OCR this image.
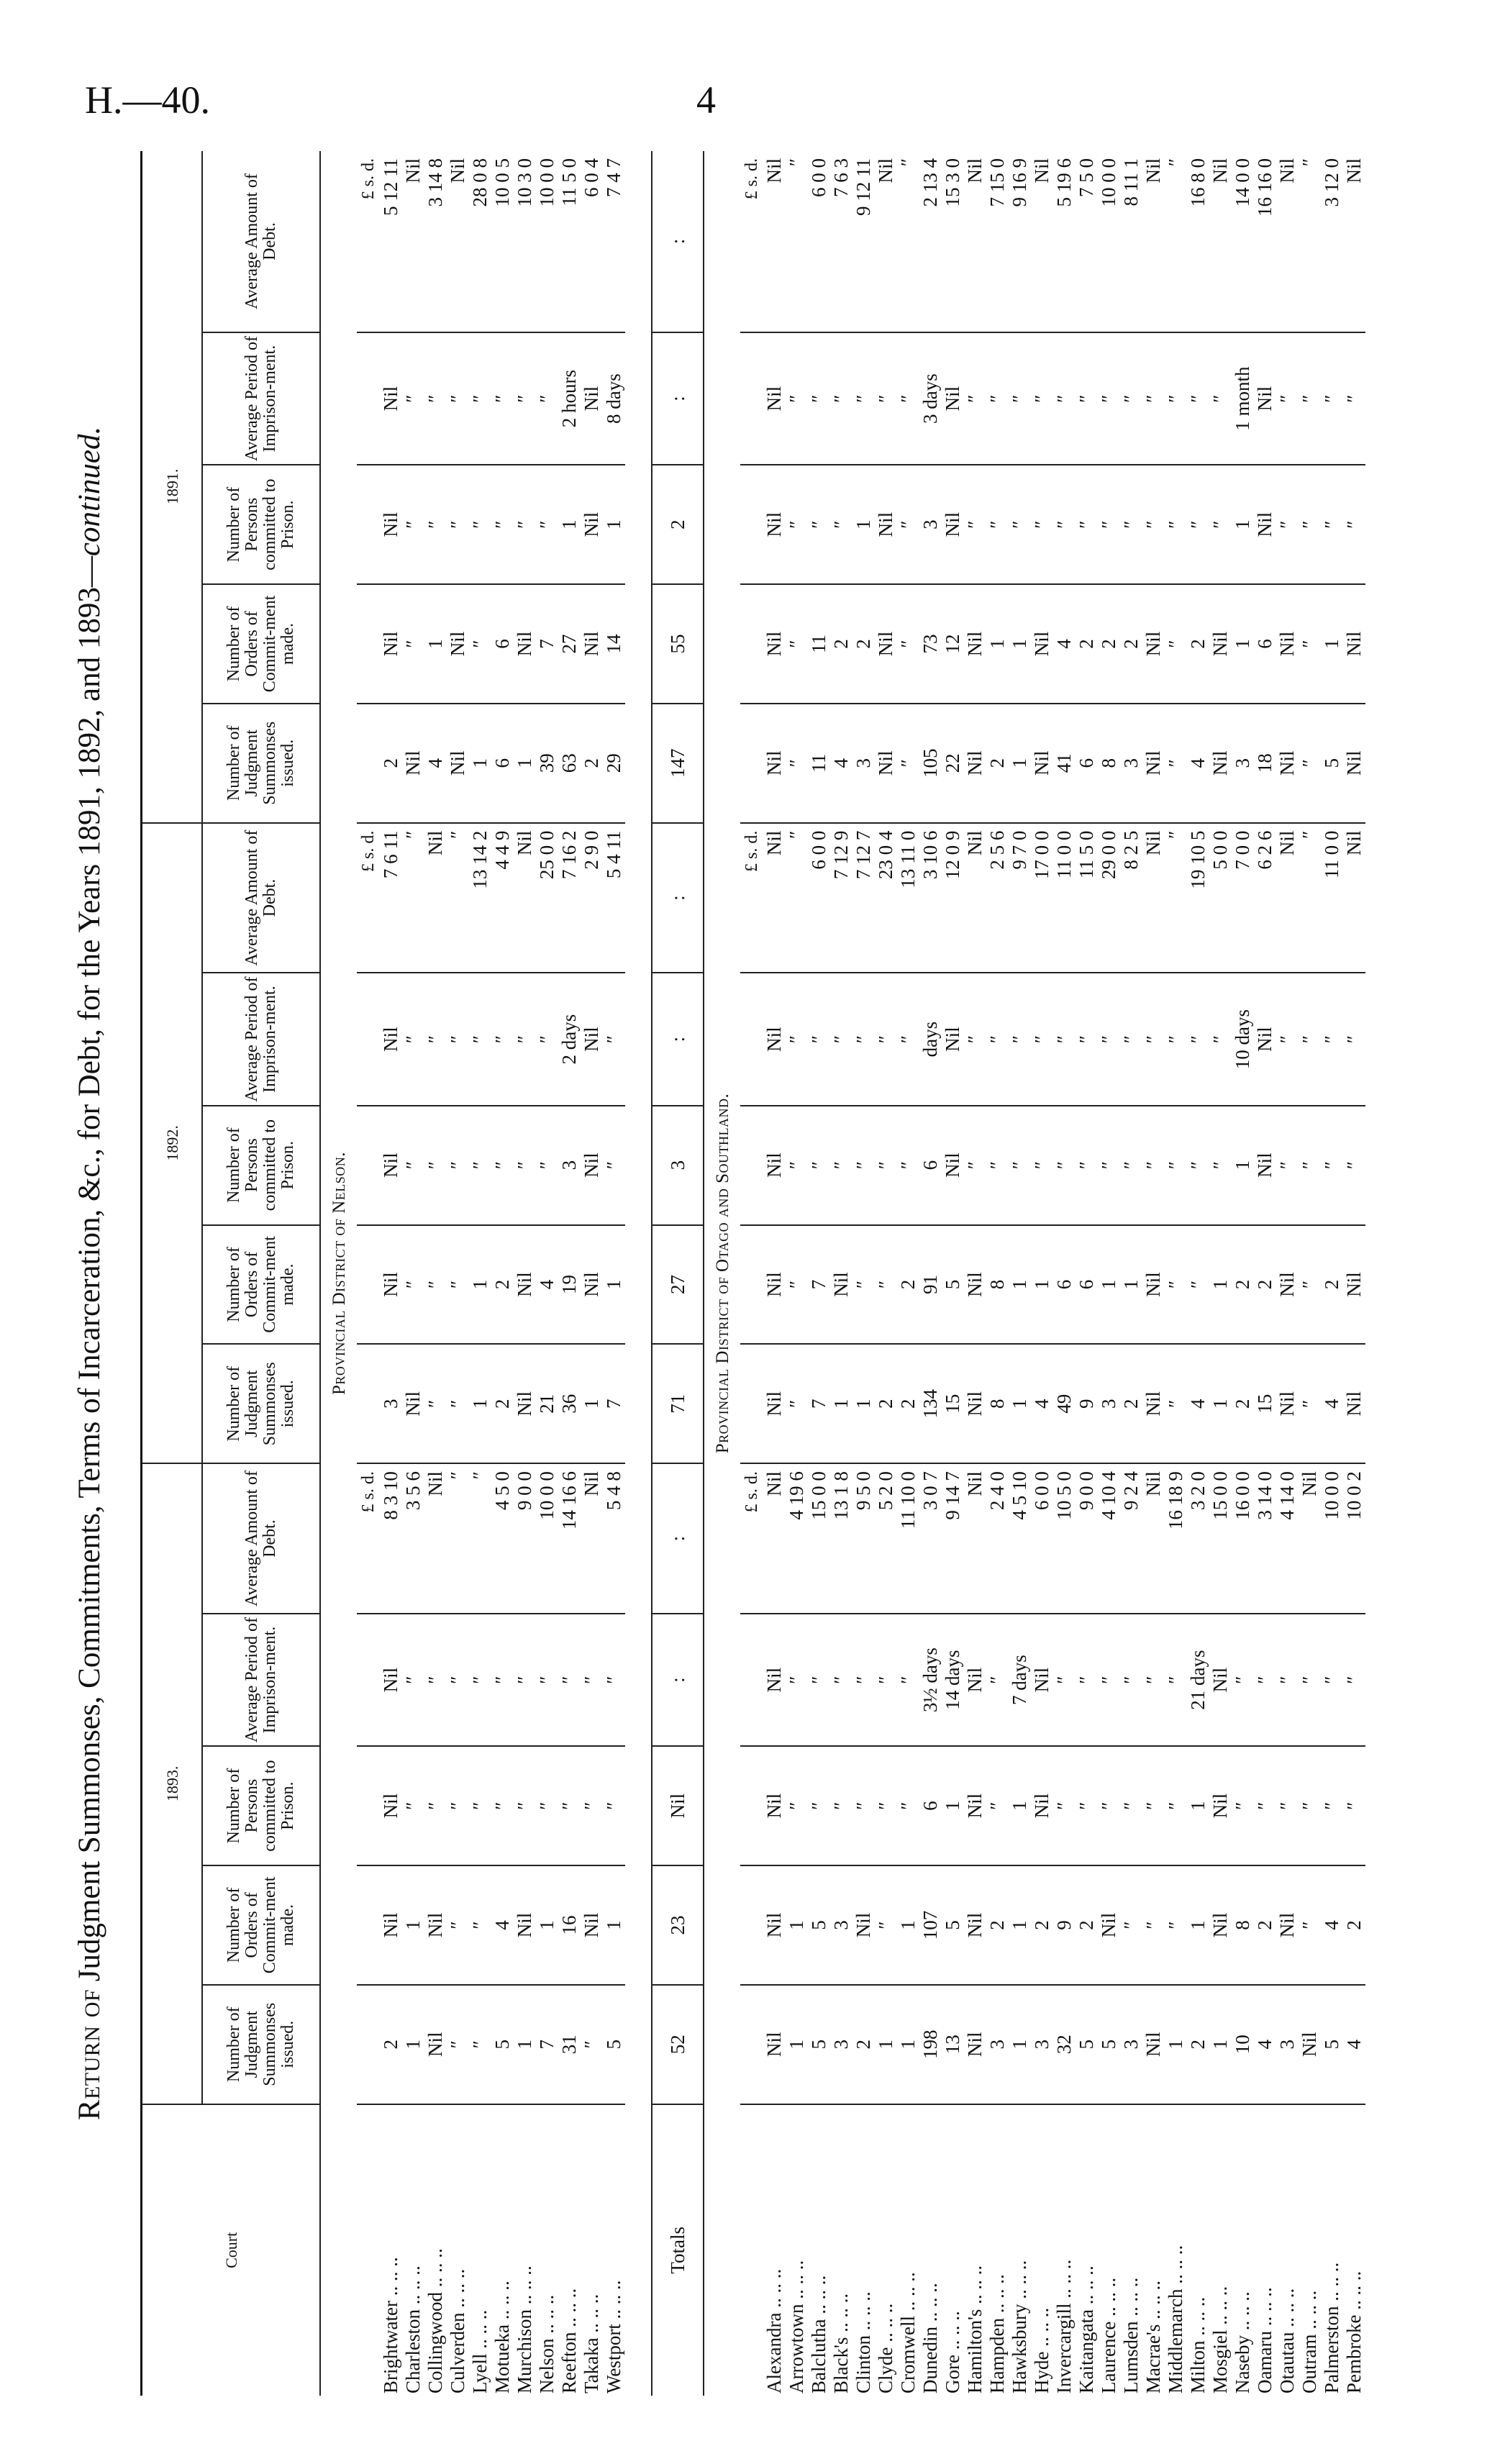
H.—40.	4
Return of Judgment Summonses, Commitments, Terms of Incarceration, &c., for Debt, for the Years 1891, 1892, and 1893—continued.
Court	1893.					1892.					1891.				
	Number of Judgment Summonses issued.	Number of Orders of Commit-ment made.	Number of Persons committed to Prison.	Average Period of Imprison-ment.	Average Amount of Debt.	Number of Judgment Summonses issued.	Number of Orders of Commit-ment made.	Number of Persons committed to Prison.	Average Period of Imprison-ment.	Average Amount of Debt.	Number of Judgment Summonses issued.	Number of Orders of Commit-ment made.	Number of Persons committed to Prison.	Average Period of Imprison-ment.	Average Amount of Debt.
Provincial District of Nelson.															
					£ s. d.					£ s. d.					£ s. d.
Brightwater .. .. ..	2	Nil	Nil	Nil	8 3 10	3	Nil	Nil	Nil	7 6 11	2	Nil	Nil	Nil	5 12 11
Charleston .. .. ..	1	1	″	″	3 5 6	Nil	″	″	″	″	Nil	″	″	″	Nil
Collingwood .. .. ..	Nil	Nil	″	″	Nil	″	″	″	″	Nil	4	1	″	″	3 14 8
Culverden .. .. ..	″	″	″	″	″	″	″	″	″	″	Nil	Nil	″	″	Nil
Lyell .. .. ..	″	″	″	″	″	1	1	″	″	13 14 2	1	″	″	″	28 0 8
Motueka .. .. ..	5	4	″	″	4 5 0	2	2	″	″	4 4 9	6	6	″	″	10 0 5
Murchison .. .. ..	1	Nil	″	″	9 0 0	Nil	Nil	″	″	Nil	1	Nil	″	″	10 3 0
Nelson .. .. ..	7	1	″	″	10 0 0	21	4	″	″	25 0 0	39	7	″	″	10 0 0
Reefton .. .. ..	31	16	″	″	14 16 6	36	19	3	2 days	7 16 2	63	27	1	2 hours	11 5 0
Takaka .. .. ..	″	Nil	″	″	Nil	1	Nil	Nil	Nil	2 9 0	2	Nil	Nil	Nil	6 0 4
Westport .. .. ..	5	1	″	″	5 4 8	7	1	″	″	5 4 11	29	14	1	8 days	7 4 7

Totals	52	23	Nil	:	:	71	27	3	:	:	147	55	2	:	:
Provincial District of Otago and Southland.															
					£ s. d.					£ s. d.					£ s. d.
Alexandra .. .. ..	Nil	Nil	Nil	Nil	Nil	Nil	Nil	Nil	Nil	Nil	Nil	Nil	Nil	Nil	Nil
Arrowtown .. .. ..	1	1	″	″	4 19 6	″	″	″	″	″	″	″	″	″	″
Balclutha .. .. ..	5	5	″	″	15 0 0	7	7	″	″	6 0 0	11	11	″	″	6 0 0
Black's .. .. ..	3	3	″	″	13 1 8	1	Nil	″	″	7 12 9	4	2	″	″	7 6 3
Clinton .. .. ..	2	Nil	″	″	9 5 0	1	″	″	″	7 12 7	3	2	1	″	9 12 11
Clyde .. .. ..	1	″	″	″	5 2 0	2	″	″	″	23 0 4	Nil	Nil	Nil	″	Nil
Cromwell .. .. ..	1	1	″	″	11 10 0	2	2	″	″	13 11 0	″	″	″	″	″
Dunedin .. .. ..	198	107	6	3½ days	3 0 7	134	91	6	days	3 10 6	105	73	3	3 days	2 13 4
Gore .. .. ..	13	5	1	14 days	9 14 7	15	5	Nil	Nil	12 0 9	22	12	Nil	Nil	15 3 0
Hamilton's .. .. ..	Nil	Nil	Nil	Nil	Nil	Nil	Nil	″	″	Nil	Nil	Nil	″	″	Nil
Hampden .. .. ..	3	2	″	″	2 4 0	8	8	″	″	2 5 6	2	1	″	″	7 15 0
Hawksbury .. .. ..	1	1	1	7 days	4 5 10	1	1	″	″	9 7 0	1	1	″	″	9 16 9
Hyde .. .. ..	3	2	Nil	Nil	6 0 0	4	1	″	″	17 0 0	Nil	Nil	″	″	Nil
Invercargill .. .. ..	32	9	″	″	10 5 0	49	6	″	″	11 0 0	41	4	″	″	5 19 6
Kaitangata .. .. ..	5	2	″	″	9 0 0	9	6	″	″	11 5 0	6	2	″	″	7 5 0
Laurence .. .. ..	5	Nil	″	″	4 10 4	3	1	″	″	29 0 0	8	2	″	″	10 0 0
Lumsden .. .. ..	3	″	″	″	9 2 4	2	1	″	″	8 2 5	3	2	″	″	8 11 1
Macrae's .. .. ..	Nil	″	″	″	Nil	Nil	Nil	″	″	Nil	Nil	Nil	″	″	Nil
Middlemarch .. .. ..	1	″	″	″	16 18 9	″	″	″	″	″	″	″	″	″	″
Milton .. .. ..	2	1	1	21 days	3 2 0	4	″	″	″	19 10 5	4	2	″	″	16 8 0
Mosgiel .. .. ..	1	Nil	Nil	Nil	15 0 0	1	1	″	″	5 0 0	Nil	Nil	″	″	Nil
Naseby .. .. ..	10	8	″	″	16 0 0	2	2	1	10 days	7 0 0	3	1	1	1 month	14 0 0
Oamaru .. .. ..	4	2	″	″	3 14 0	15	2	Nil	Nil	6 2 6	18	6	Nil	Nil	16 16 0
Otautau .. .. ..	3	Nil	″	″	4 14 0	Nil	Nil	″	″	Nil	Nil	Nil	″	″	Nil
Outram .. .. ..	Nil	″	″	″	Nil	″	″	″	″	″	″	″	″	″	″
Palmerston .. .. ..	5	4	″	″	10 0 0	4	2	″	″	11 0 0	5	1	″	″	3 12 0
Pembroke .. .. ..	4	2	″	″	10 0 2	Nil	Nil	″	″	Nil	Nil	Nil	″	″	Nil
